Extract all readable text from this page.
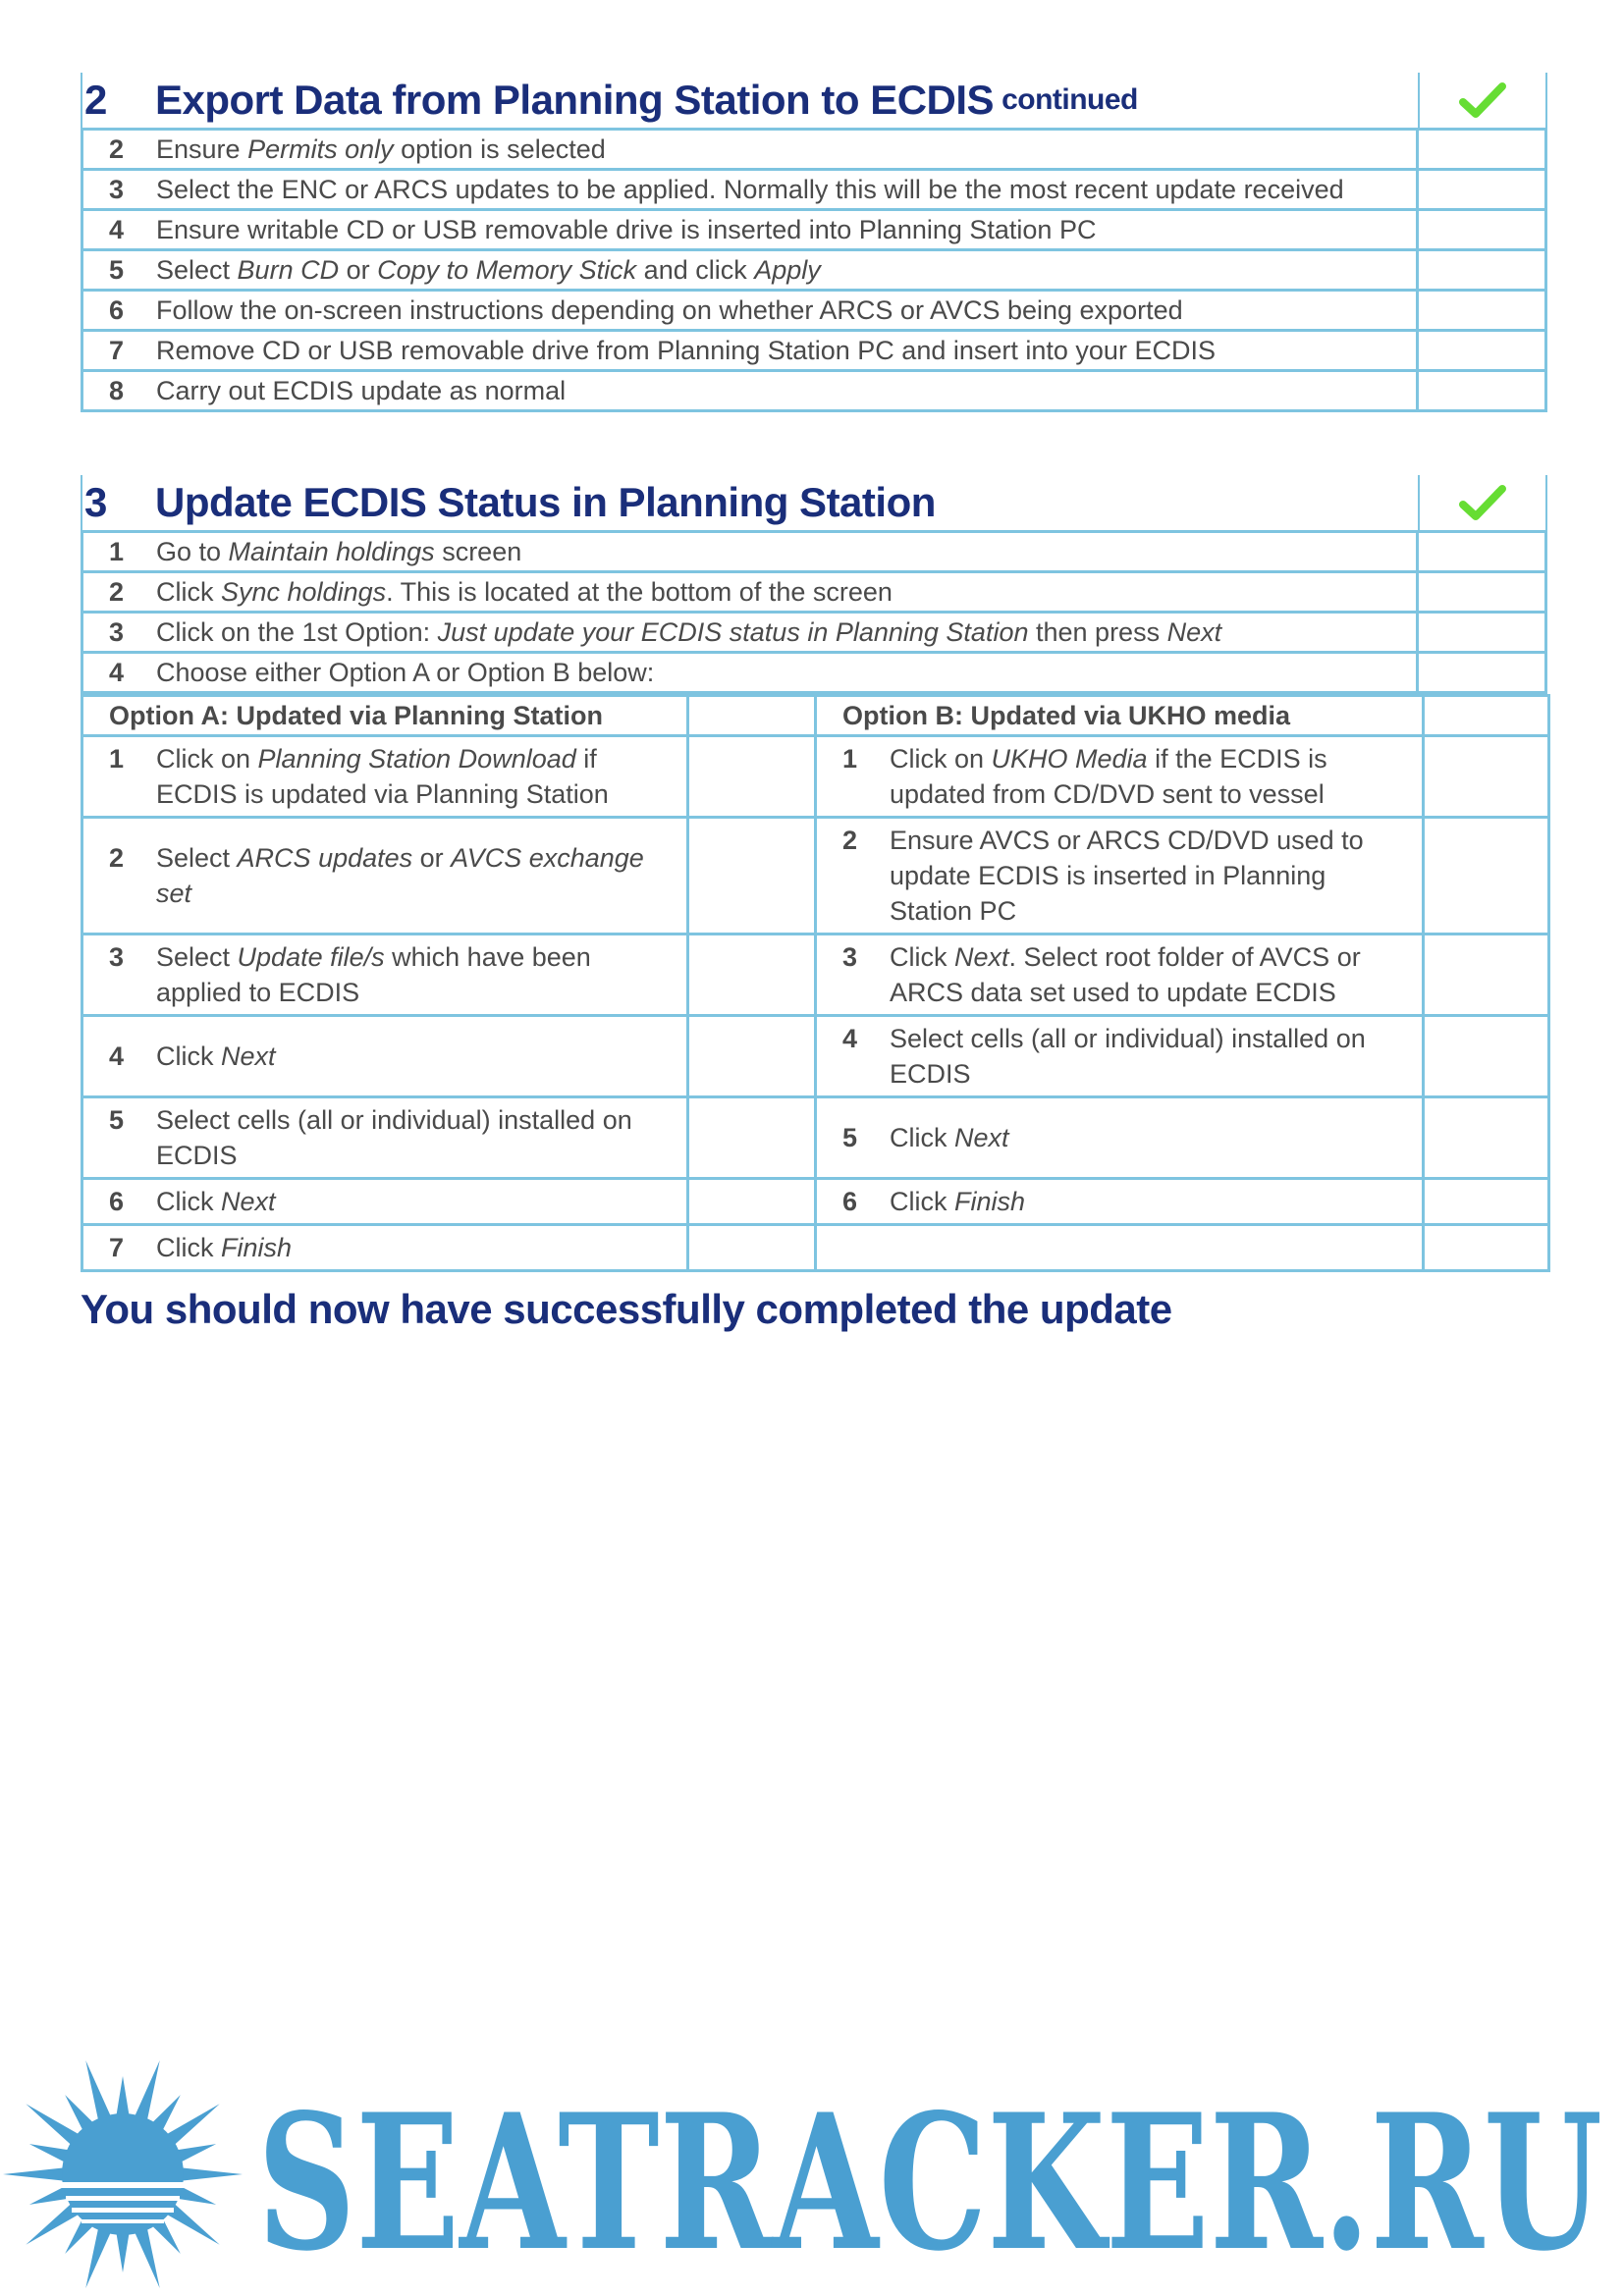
2	Export Data from Planning Station to ECDIS continued
2 Ensure Permits only option is selected	
3 Select the ENC or ARCS updates to be applied. Normally this will be the most recent update received	
4 Ensure writable CD or USB removable drive is inserted into Planning Station PC	
5 Select Burn CD or Copy to Memory Stick and click Apply	
6 Follow the on-screen instructions depending on whether ARCS or AVCS being exported	
7 Remove CD or USB removable drive from Planning Station PC and insert into your ECDIS	
8 Carry out ECDIS update as normal	
3	Update ECDIS Status in Planning Station
1 Go to Maintain holdings screen	
2 Click Sync holdings. This is located at the bottom of the screen	
3 Click on the 1st Option: Just update your ECDIS status in Planning Station then press Next	
4 Choose either Option A or Option B below:	
Option A: Updated via Planning Station		Option B: Updated via UKHO media	
1 Click on Planning Station Download if ECDIS is updated via Planning Station		1 Click on UKHO Media if the ECDIS is updated from CD/DVD sent to vessel	
2 Select ARCS updates or AVCS exchange set		2 Ensure AVCS or ARCS CD/DVD used to update ECDIS is inserted in Planning Station PC	
3 Select Update file/s which have been applied to ECDIS		3 Click Next. Select root folder of AVCS or ARCS data set used to update ECDIS	
4 Click Next		4 Select cells (all or individual) installed on ECDIS	
5 Select cells (all or individual) installed on ECDIS		5 Click Next	
6 Click Next		6 Click Finish	
7 Click Finish			
You should now have successfully completed the update
SEATRACKER.RU
